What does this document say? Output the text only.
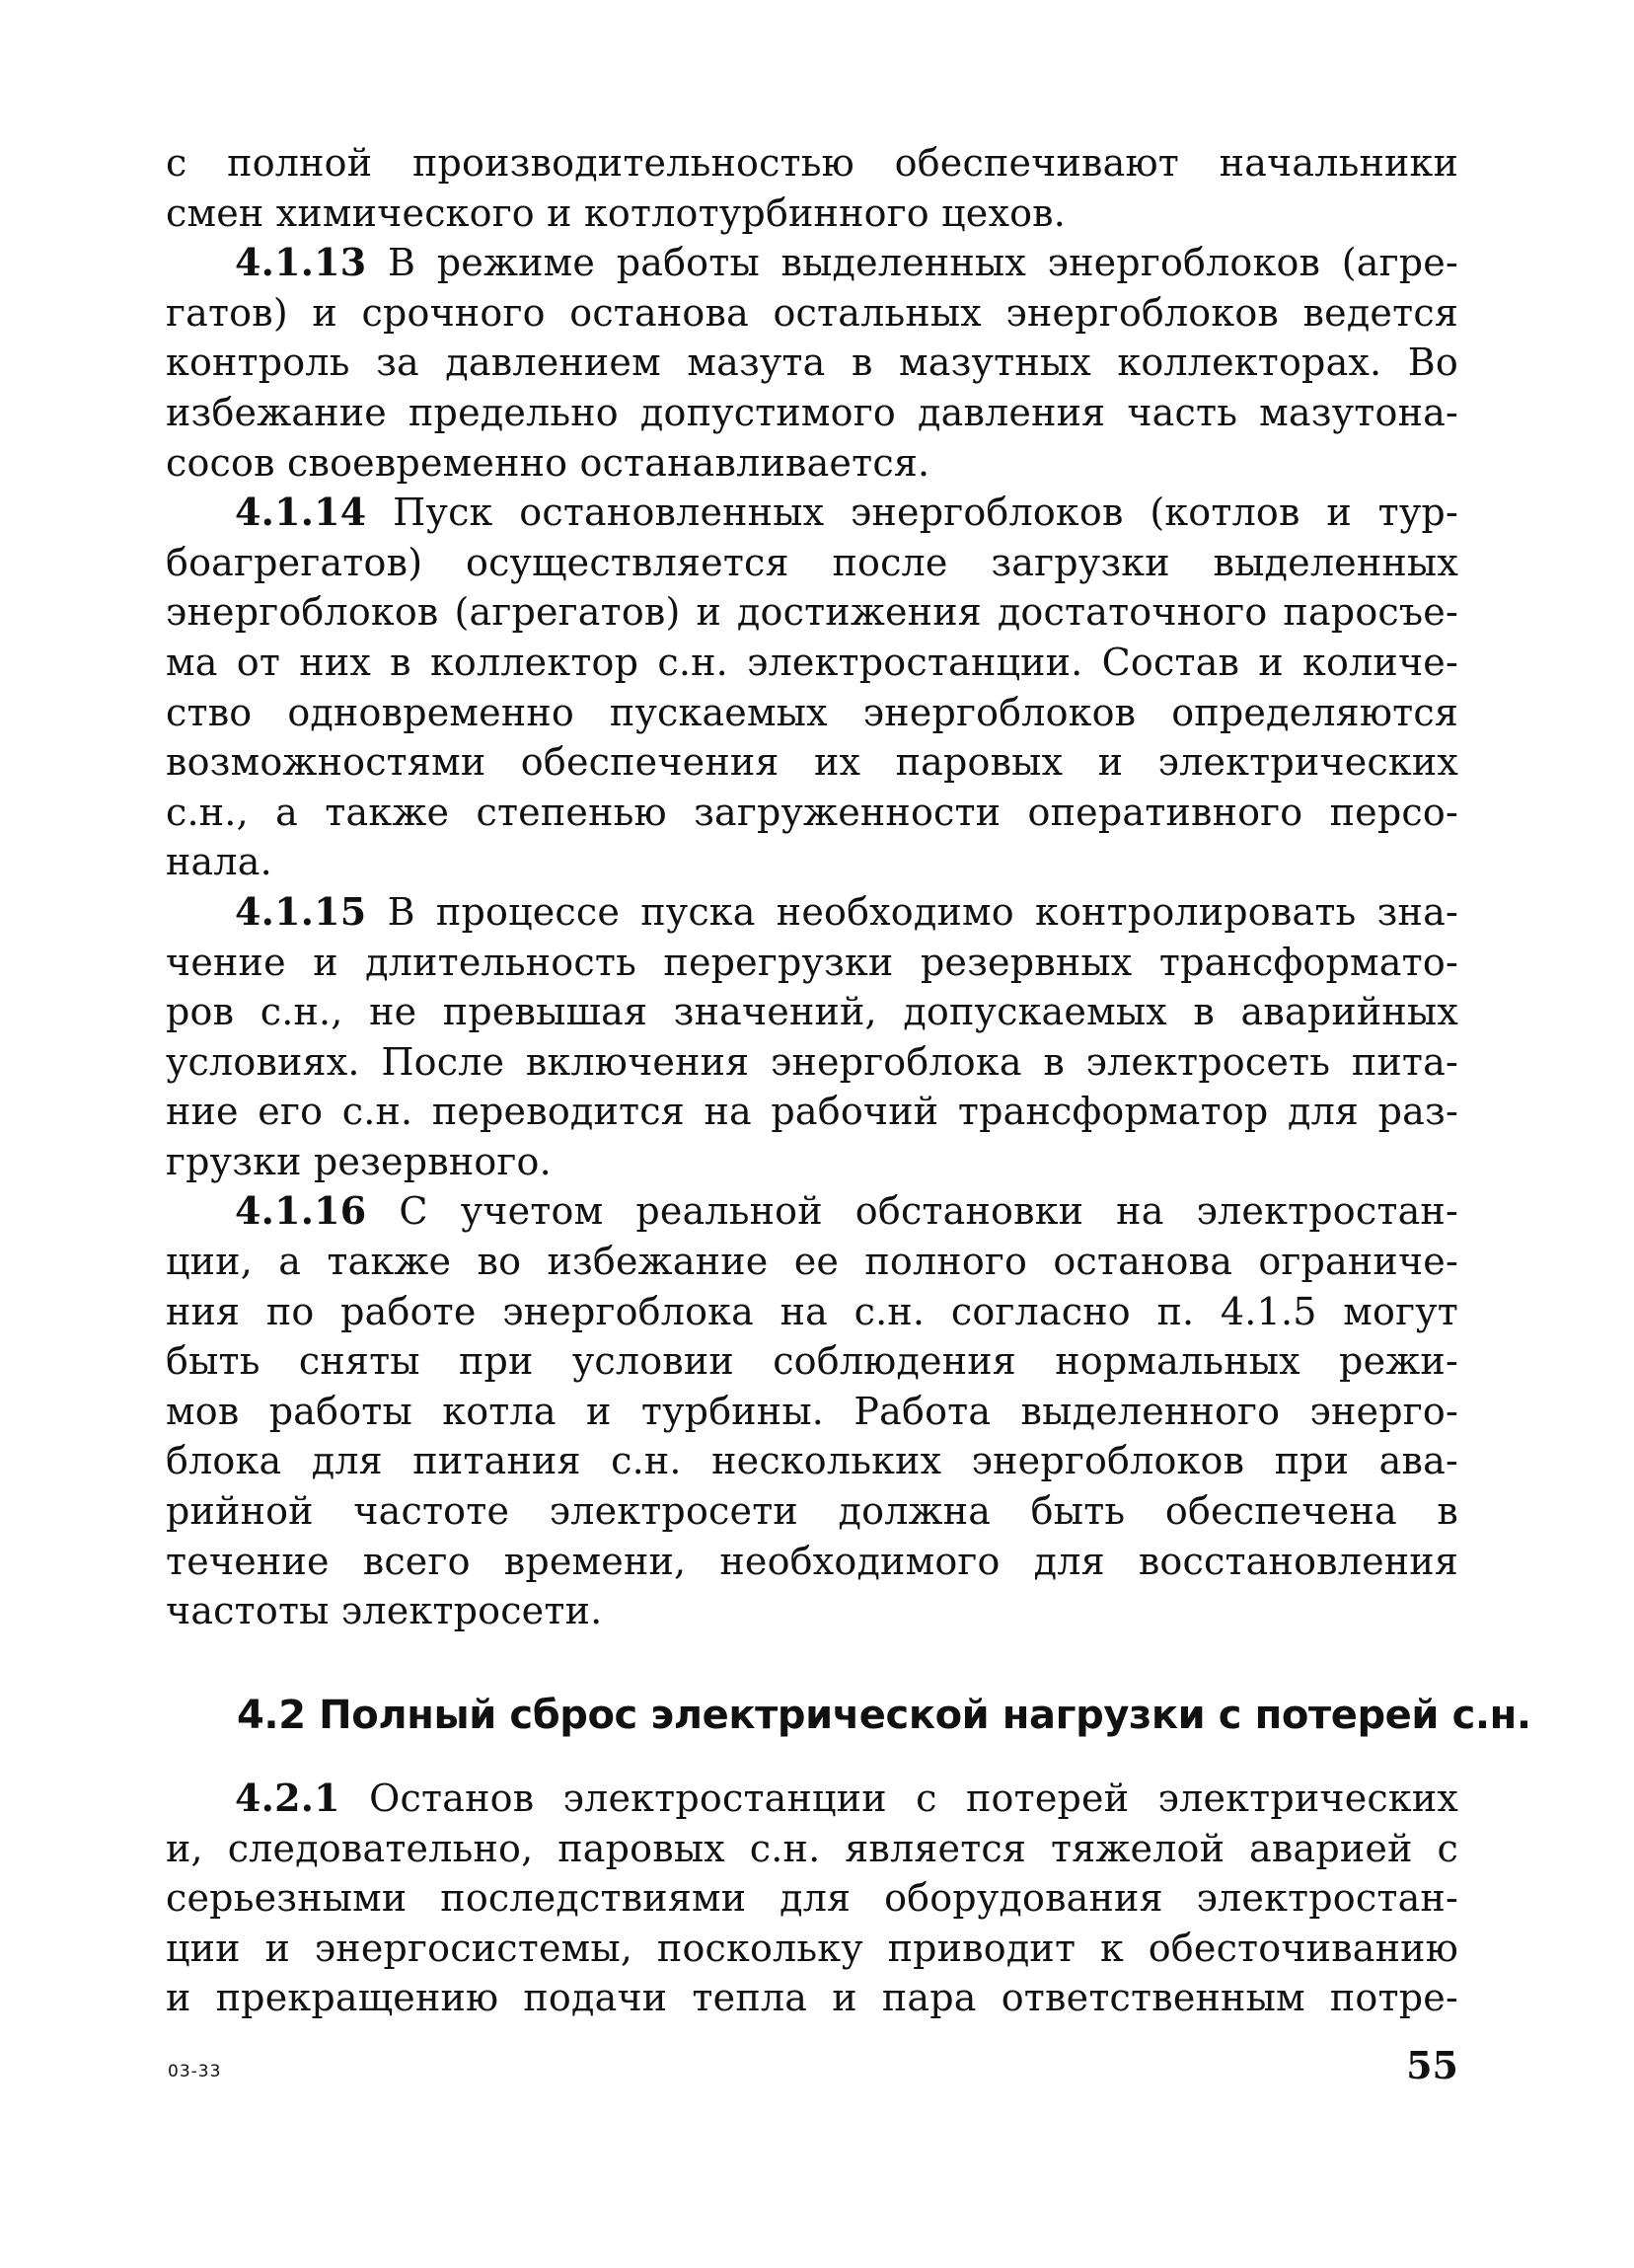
с полной производительностью обеспечивают начальники
смен химического и котлотурбинного цехов.
4.1.13 В режиме работы выделенных энергоблоков (агре-
гатов) и срочного останова остальных энергоблоков ведется
контроль за давлением мазута в мазутных коллекторах. Во
избежание предельно допустимого давления часть мазутона-
сосов своевременно останавливается.
4.1.14 Пуск остановленных энергоблоков (котлов и тур-
боагрегатов) осуществляется после загрузки выделенных
энергоблоков (агрегатов) и достижения достаточного паросъе-
ма от них в коллектор с.н. электростанции. Состав и количе-
ство одновременно пускаемых энергоблоков определяются
возможностями обеспечения их паровых и электрических
с.н., а также степенью загруженности оперативного персо-
нала.
4.1.15 В процессе пуска необходимо контролировать зна-
чение и длительность перегрузки резервных трансформато-
ров с.н., не превышая значений, допускаемых в аварийных
условиях. После включения энергоблока в электросеть пита-
ние его с.н. переводится на рабочий трансформатор для раз-
грузки резервного.
4.1.16 С учетом реальной обстановки на электростан-
ции, а также во избежание ее полного останова ограниче-
ния по работе энергоблока на с.н. согласно п. 4.1.5 могут
быть сняты при условии соблюдения нормальных режи-
мов работы котла и турбины. Работа выделенного энерго-
блока для питания с.н. нескольких энергоблоков при ава-
рийной частоте электросети должна быть обеспечена в
течение всего времени, необходимого для восстановления
частоты электросети.
4.2 Полный сброс электрической нагрузки с потерей с.н.
4.2.1 Останов электростанции с потерей электрических
и, следовательно, паровых с.н. является тяжелой аварией с
серьезными последствиями для оборудования электростан-
ции и энергосистемы, поскольку приводит к обесточиванию
и прекращению подачи тепла и пара ответственным потре-
03-33	55
